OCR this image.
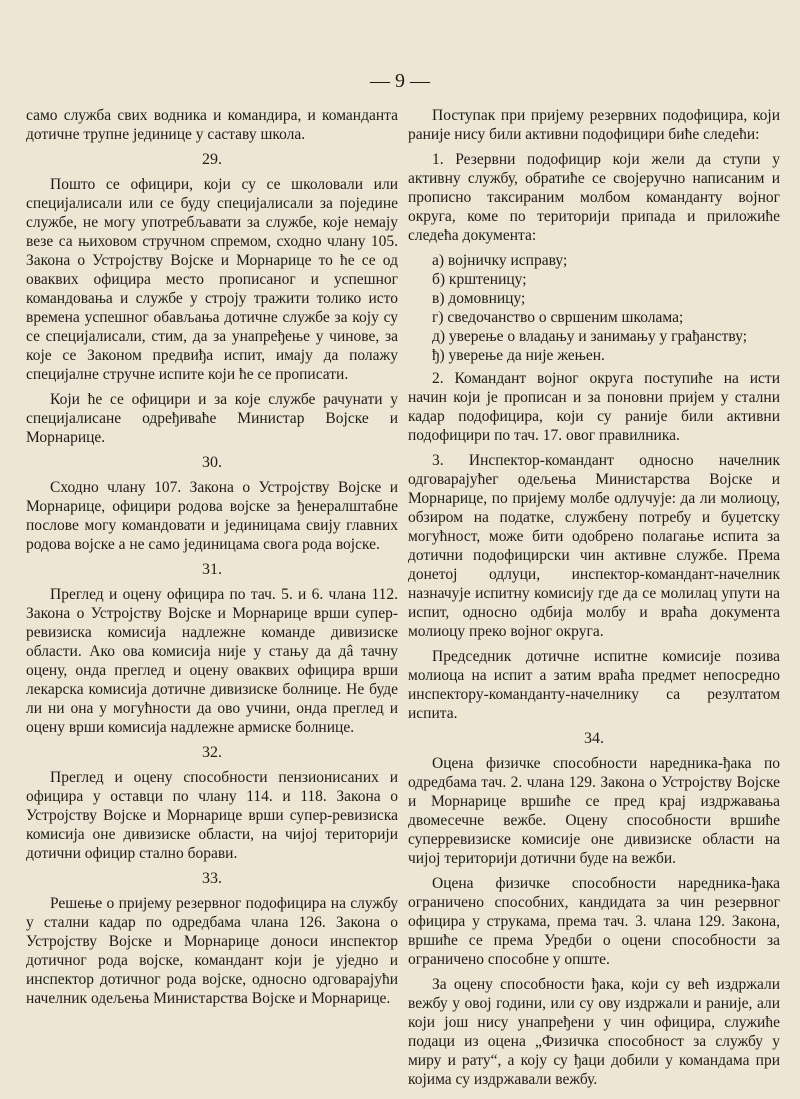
— 9 —

само служба свих водника и командира, и команданта дотичне трупне јединице у саставу школа.

29.

Пошто се официри, који су се школовали или специјалисали или се буду специјалисали за поједине службе, не могу употребљавати за службе, које немају везе са њиховом стручном спремом, сходно члану 105. Закона о Устројству Војске и Морнарице то ће се од оваквих официра место прописаног и успешног командовања и службе у строју тражити толико исто времена успешног обављања дотичне службе за коју су се специјалисали, стим, да за унапређење у чинове, за које се Законом предвиђа испит, имају да полажу специјалне стручне испите који ће се прописати.

Који ће се официри и за које службе рачунати у специјалисане одређиваће Министар Војске и Морнарице.

30.

Сходно члану 107. Закона о Устројству Војске и Морнарице, официри родова војске за ђенералштабне послове могу командовати и јединицама свију главних родова војске а не само јединицама свога рода војске.

31.

Преглед и оцену официра по тач. 5. и 6. члана 112. Закона о Устројству Војске и Морнарице врши супер-ревизиска комисија надлежне команде дивизиске области. Ако ова комисија није у стању да дâ тачну оцену, онда преглед и оцену оваквих официра врши лекарска комисија дотичне дивизиске болнице. Не буде ли ни она у могућности да ово учини, онда преглед и оцену врши комисија надлежне армиске болнице.

32.

Преглед и оцену способности пензионисаних и официра у оставци по члану 114. и 118. Закона о Устројству Војске и Морнарице врши супер-ревизиска комисија оне дивизиске области, на чијој територији дотични официр стално борави.

33.

Решење о пријему резервног подофицира на службу у стални кадар по одредбама члана 126. Закона о Устројству Војске и Морнарице доноси инспектор дотичног рода војске, командант који је уједно и инспектор дотичног рода војске, односно одговарајући начелник одељења Министарства Војске и Морнарице.

Поступак при пријему резервних подофицира, који раније нису били активни подофицири биће следећи:

1. Резервни подофицир који жели да ступи у активну службу, обратиће се својеручно написаним и прописно таксираним молбом команданту војног округа, коме по територији припада и приложиће следећа документа:

а) војничку исправу;
б) крштеницу;
в) домовницу;
г) сведочанство о свршеним школама;
д) уверење о владању и занимању у грађанству;
ђ) уверење да није жењен.

2. Командант војног округа поступиће на исти начин који је прописан и за поновни пријем у стални кадар подофицира, који су раније били активни подофицири по тач. 17. овог правилника.

3. Инспектор-командант односно начелник одговарајућег одељења Министарства Војске и Морнарице, по пријему молбе одлучује: да ли молиоцу, обзиром на податке, службену потребу и буџетску могућност, може бити одобрено полагање испита за дотични подофицирски чин активне службе. Према донетој одлуци, инспектор-командант-начелник назначује испитну комисију где да се молилац упути на испит, односно одбија молбу и враћа документа молиоцу преко војног округа.

Председник дотичне испитне комисије позива молиоца на испит а затим враћа предмет непосредно инспектору-команданту-начелнику са резултатом испита.

34.

Оцена физичке способности наредника-ђака по одредбама тач. 2. члана 129. Закона о Устројству Војске и Морнарице вршиће се пред крај издржавања двомесечне вежбе. Оцену способности вршиће суперревизиске комисије оне дивизиске области на чијој територији дотични буде на вежби.

Оцена физичке способности наредника-ђака ограничено способних, кандидата за чин резервног официра у струкама, према тач. 3. члана 129. Закона, вршиће се према Уредби о оцени способности за ограничено способне у опште.

За оцену способности ђака, који су већ издржали вежбу у овој години, или су ову издржали и раније, али који још нису унапређени у чин официра, служиће подаци из оцена „Физичка способност за службу у миру и рату“, а коју су ђаци добили у командама при којима су издржавали вежбу.
